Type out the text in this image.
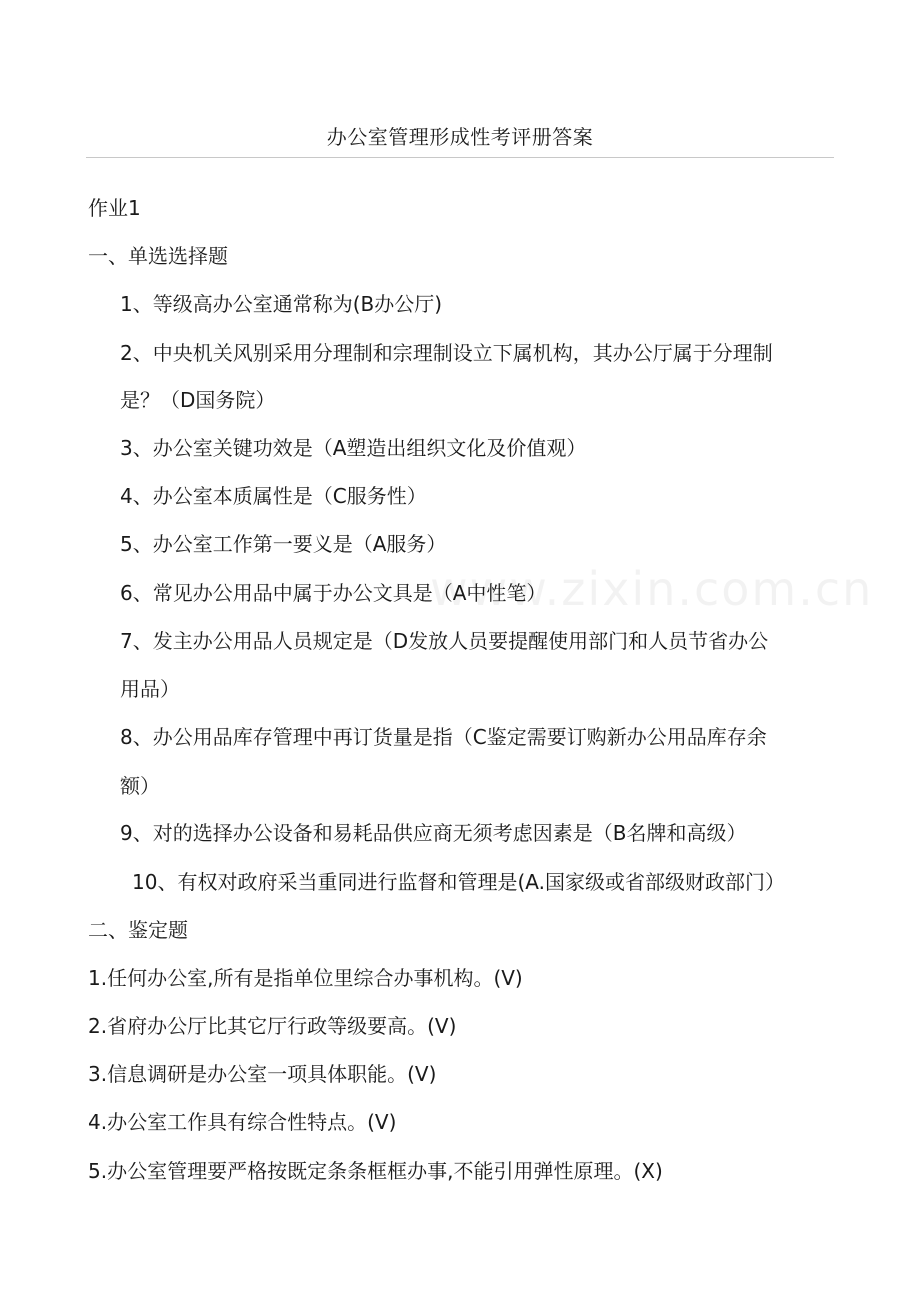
www.zixin.com.cn
办公室管理形成性考评册答案
作业1
一、单选选择题
1、等级高办公室通常称为(B办公厅)
2、中央机关风别采用分理制和宗理制设立下属机构，其办公厅属于分理制
是？（D国务院）
3、办公室关键功效是（A塑造出组织文化及价值观）
4、办公室本质属性是（C服务性）
5、办公室工作第一要义是（A服务）
6、常见办公用品中属于办公文具是（A中性笔）
7、发主办公用品人员规定是（D发放人员要提醒使用部门和人员节省办公
用品）
8、办公用品库存管理中再订货量是指（C鉴定需要订购新办公用品库存余
额）
9、对的选择办公设备和易耗品供应商无须考虑因素是（B名牌和高级）
10、有权对政府采当重同进行监督和管理是(A.国家级或省部级财政部门）
二、鉴定题
1.任何办公室,所有是指单位里综合办事机构。(V)
2.省府办公厅比其它厅行政等级要高。(V)
3.信息调研是办公室一项具体职能。(V)
4.办公室工作具有综合性特点。(V)
5.办公室管理要严格按既定条条框框办事,不能引用弹性原理。(X)
